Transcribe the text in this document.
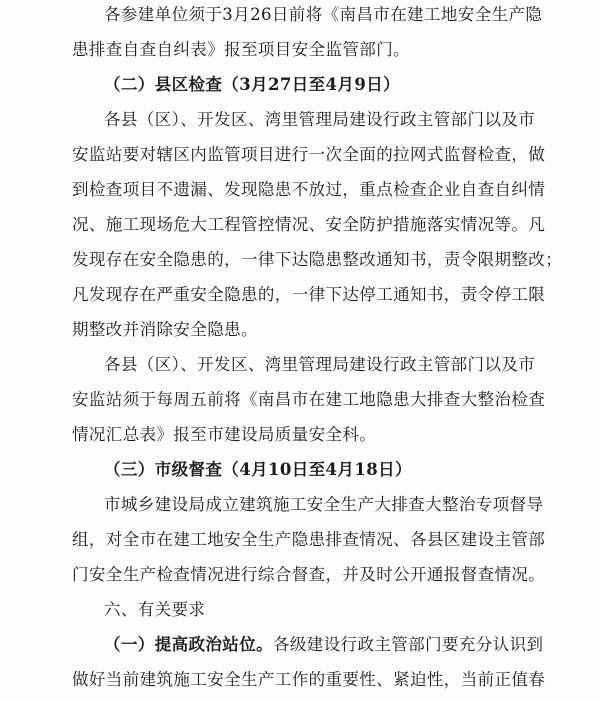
各参建单位须于3月26日前将《南昌市在建工地安全生产隐
患排查自查自纠表》报至项目安全监管部门。
（二）县区检查（3月27日至4月9日）
各县（区）、开发区、湾里管理局建设行政主管部门以及市
安监站要对辖区内监管项目进行一次全面的拉网式监督检查，做
到检查项目不遗漏、发现隐患不放过，重点检查企业自查自纠情
况、施工现场危大工程管控情况、安全防护措施落实情况等。凡
发现存在安全隐患的，一律下达隐患整改通知书，责令限期整改；
凡发现存在严重安全隐患的，一律下达停工通知书，责令停工限
期整改并消除安全隐患。
各县（区）、开发区、湾里管理局建设行政主管部门以及市
安监站须于每周五前将《南昌市在建工地隐患大排查大整治检查
情况汇总表》报至市建设局质量安全科。
（三）市级督查（4月10日至4月18日）
市城乡建设局成立建筑施工安全生产大排查大整治专项督导
组，对全市在建工地安全生产隐患排查情况、各县区建设主管部
门安全生产检查情况进行综合督查，并及时公开通报督查情况。
六、有关要求
（一）提高政治站位。各级建设行政主管部门要充分认识到
做好当前建筑施工安全生产工作的重要性、紧迫性，当前正值春
